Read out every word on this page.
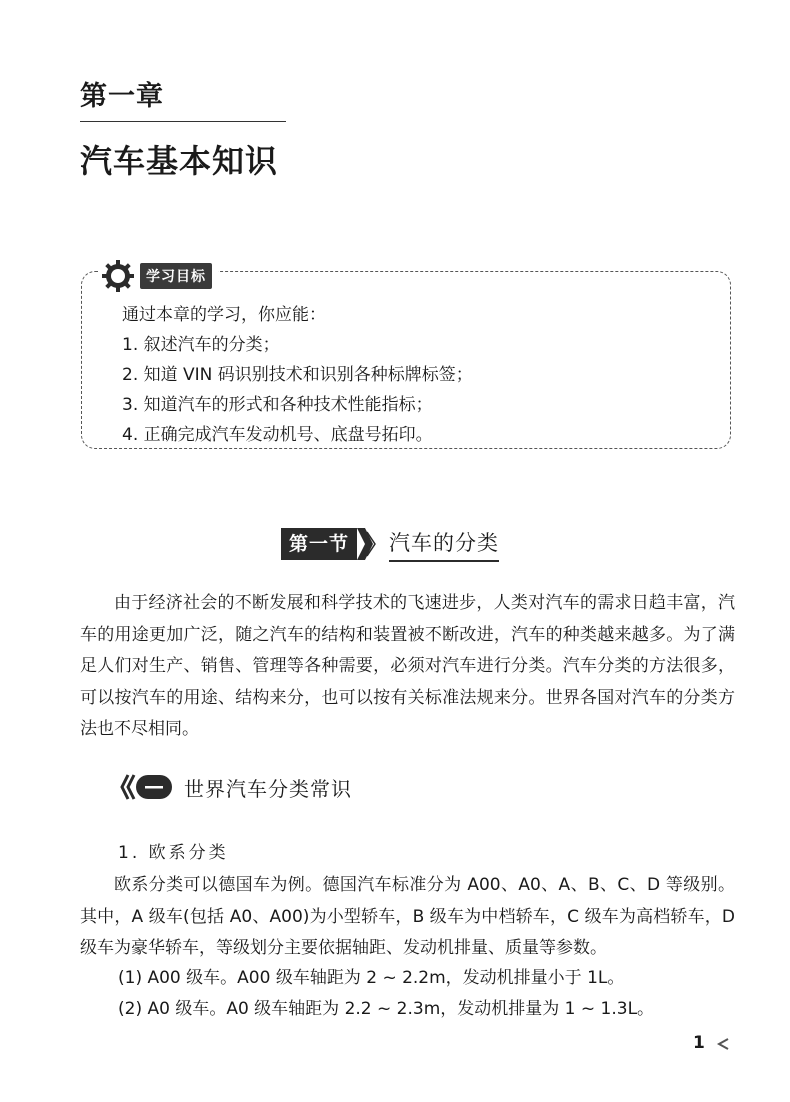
第一章
汽车基本知识
学习目标
通过本章的学习，你应能：
1. 叙述汽车的分类；
2. 知道 VIN 码识别技术和识别各种标牌标签；
3. 知道汽车的形式和各种技术性能指标；
4. 正确完成汽车发动机号、底盘号拓印。
第一节	汽车的分类

由于经济社会的不断发展和科学技术的飞速进步，人类对汽车的需求日趋丰富，汽车的用途更加广泛，随之汽车的结构和装置被不断改进，汽车的种类越来越多。为了满足人们对生产、销售、管理等各种需要，必须对汽车进行分类。汽车分类的方法很多，可以按汽车的用途、结构来分，也可以按有关标准法规来分。世界各国对汽车的分类方法也不尽相同。

世界汽车分类常识
1. 欧系分类

欧系分类可以德国车为例。德国汽车标准分为 A00、A0、A、B、C、D 等级别。其中，A 级车(包括 A0、A00)为小型轿车，B 级车为中档轿车，C 级车为高档轿车，D 级车为豪华轿车，等级划分主要依据轴距、发动机排量、质量等参数。

(1) A00 级车。A00 级车轴距为 2 ~ 2.2m，发动机排量小于 1L。
(2) A0 级车。A0 级车轴距为 2.2 ~ 2.3m，发动机排量为 1 ~ 1.3L。
1
